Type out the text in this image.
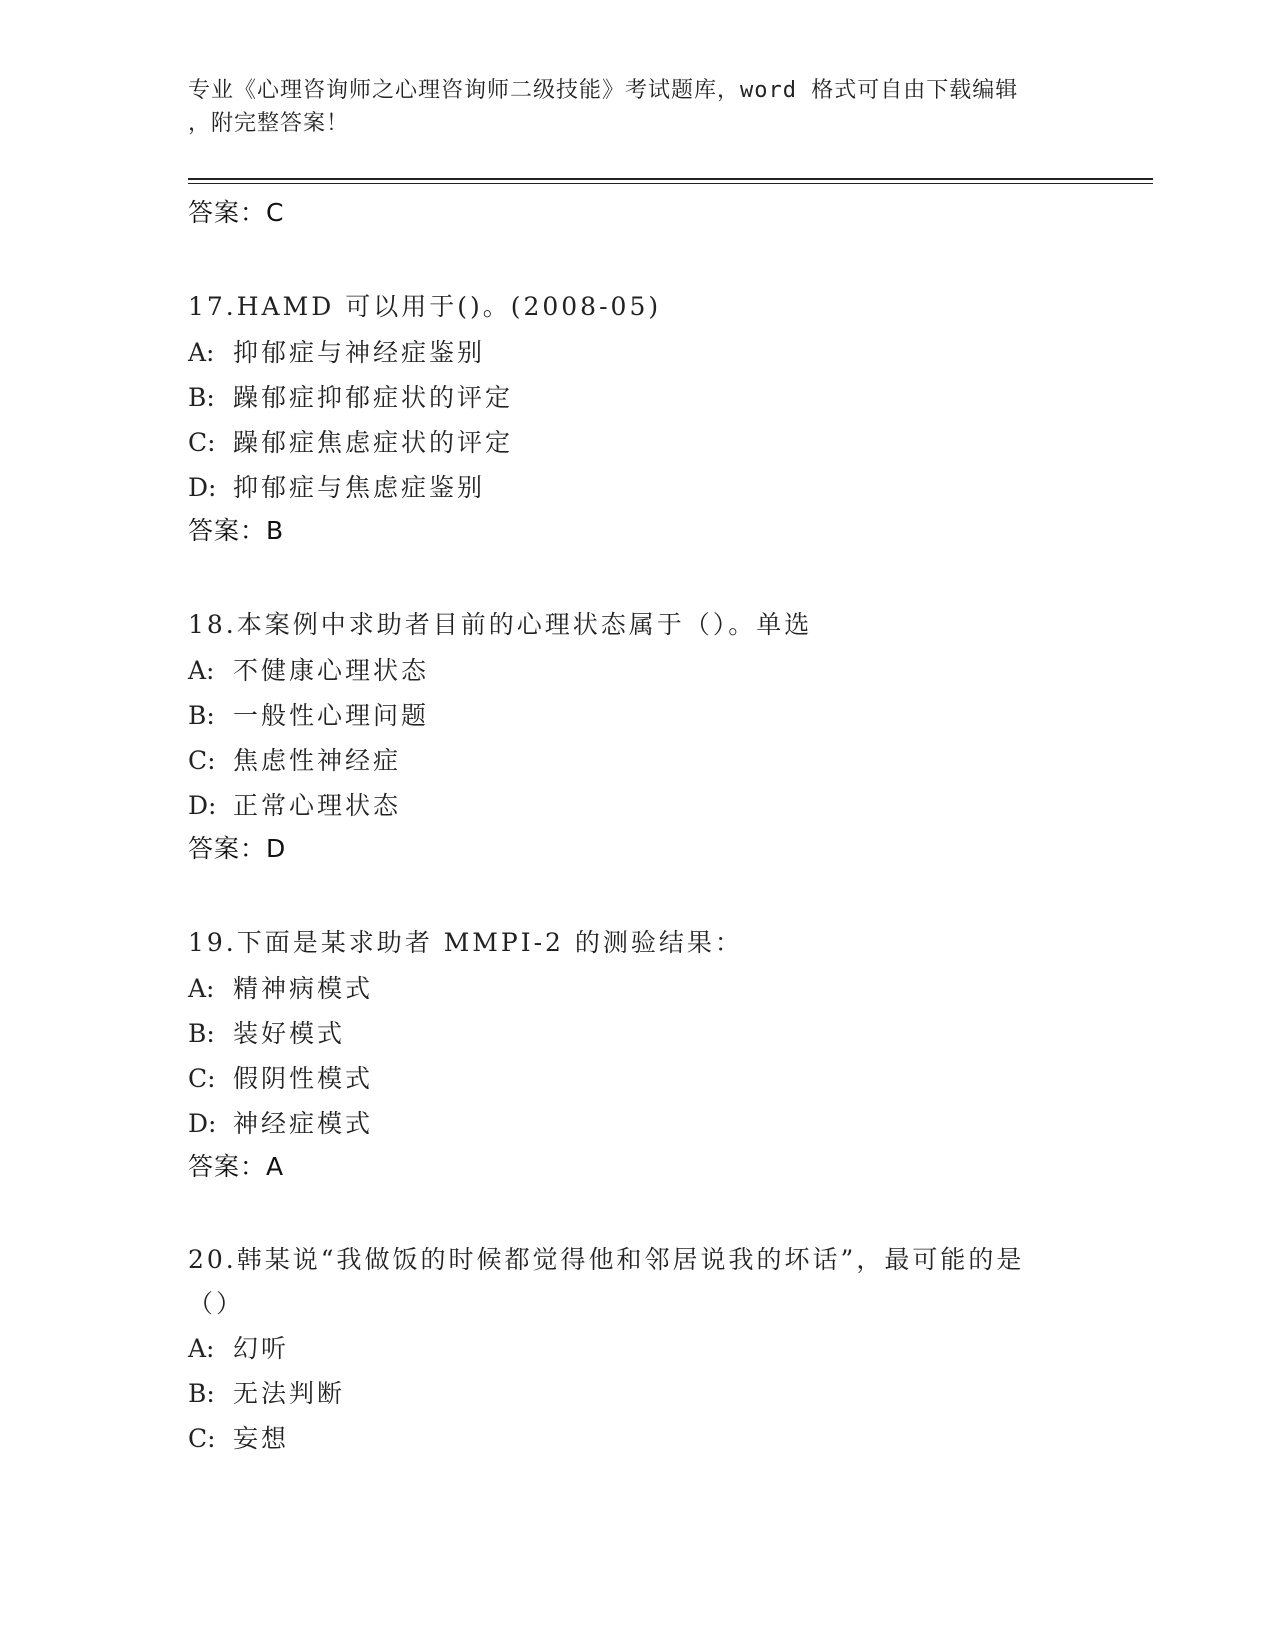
专业《心理咨询师之心理咨询师二级技能》考试题库，word 格式可自由下载编辑
，附完整答案！
答案：C
17.HAMD 可以用于()。(2008-05)
A: 抑郁症与神经症鉴别
B: 躁郁症抑郁症状的评定
C: 躁郁症焦虑症状的评定
D: 抑郁症与焦虑症鉴别
答案：B
18.本案例中求助者目前的心理状态属于（）。单选
A: 不健康心理状态
B: 一般性心理问题
C: 焦虑性神经症
D: 正常心理状态
答案：D
19.下面是某求助者 MMPI-2 的测验结果：
A: 精神病模式
B: 装好模式
C: 假阴性模式
D: 神经症模式
答案：A
20.韩某说“我做饭的时候都觉得他和邻居说我的坏话”，最可能的是
（）
A: 幻听
B: 无法判断
C: 妄想
